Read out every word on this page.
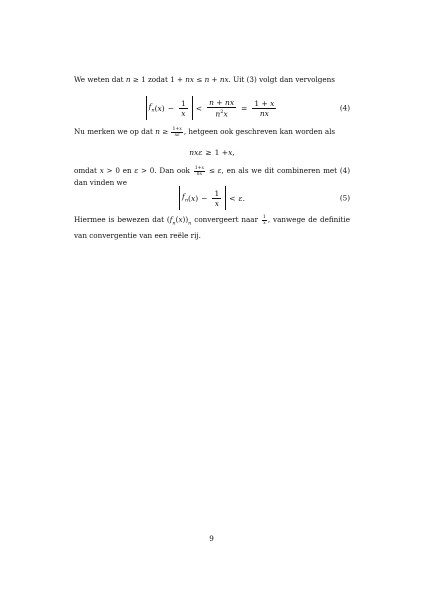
We weten dat n ≥ 1 zodat 1 + nx ≤ n + nx. Uit (3) volgt dan vervolgens
$f_n$ ( x ) − $\frac{1}{x} < \frac{n + nx}{n^2x} = \frac{1 + x}{nx}$	(4)
Nu merken we op dat $n \ge \frac{1+x}{x\varepsilon}$ , hetgeen ook geschreven kan worden als
nxε ≥ 1 + x ,
omdat x > 0 en ε > 0. Dan ook $\frac{1+x}{nx} \le \varepsilon$, en als we dit combineren met (4) dan vinden we
$f_n$ ( x ) − $\frac{1}{x} < \varepsilon$ .	(5)
Hiermee is bewezen dat $(f_n(x))_n$ convergeert naar $\frac{1}{x}$ , vanwege de definitie van convergentie van een reële rij.
9
